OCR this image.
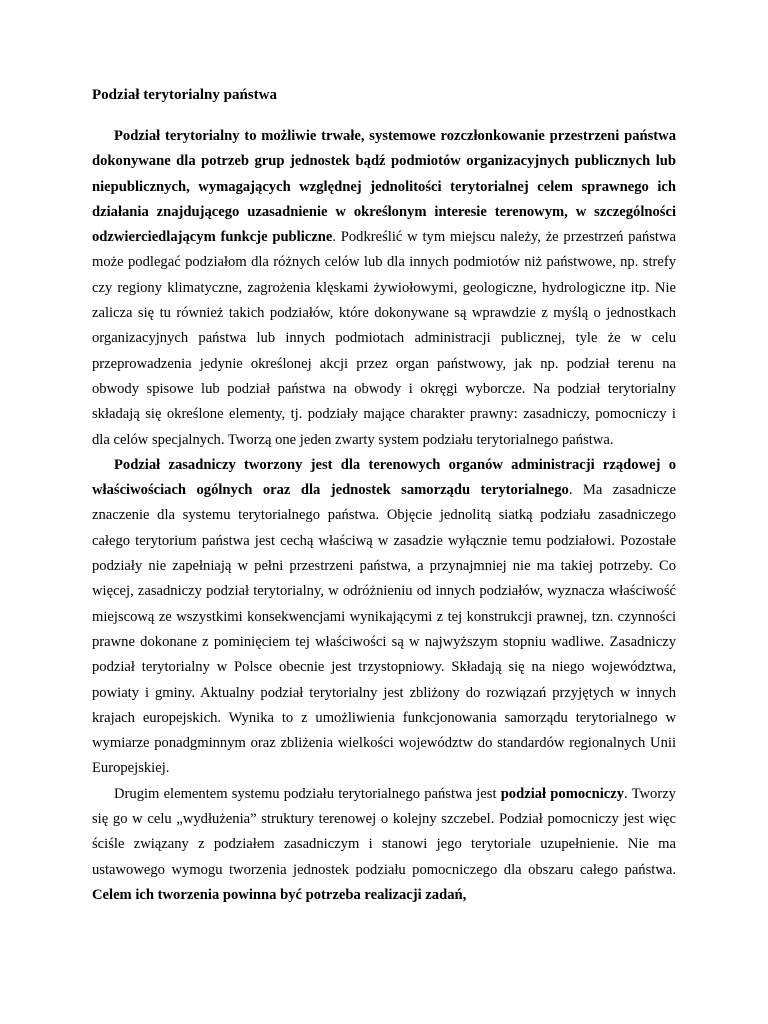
Podział terytorialny państwa

Podział terytorialny to możliwie trwałe, systemowe rozczłonkowanie przestrzeni państwa dokonywane dla potrzeb grup jednostek bądź podmiotów organizacyjnych publicznych lub niepublicznych, wymagających względnej jednolitości terytorialnej celem sprawnego ich działania znajdującego uzasadnienie w określonym interesie terenowym, w szczególności odzwierciedlającym funkcje publiczne. Podkreślić w tym miejscu należy, że przestrzeń państwa może podlegać podziałom dla różnych celów lub dla innych podmiotów niż państwowe, np. strefy czy regiony klimatyczne, zagrożenia klęskami żywiołowymi, geologiczne, hydrologiczne itp. Nie zalicza się tu również takich podziałów, które dokonywane są wprawdzie z myślą o jednostkach organizacyjnych państwa lub innych podmiotach administracji publicznej, tyle że w celu przeprowadzenia jedynie określonej akcji przez organ państwowy, jak np. podział terenu na obwody spisowe lub podział państwa na obwody i okręgi wyborcze. Na podział terytorialny składają się określone elementy, tj. podziały mające charakter prawny: zasadniczy, pomocniczy i dla celów specjalnych. Tworzą one jeden zwarty system podziału terytorialnego państwa.

Podział zasadniczy tworzony jest dla terenowych organów administracji rządowej o właściwościach ogólnych oraz dla jednostek samorządu terytorialnego. Ma zasadnicze znaczenie dla systemu terytorialnego państwa. Objęcie jednolitą siatką podziału zasadniczego całego terytorium państwa jest cechą właściwą w zasadzie wyłącznie temu podziałowi. Pozostałe podziały nie zapełniają w pełni przestrzeni państwa, a przynajmniej nie ma takiej potrzeby. Co więcej, zasadniczy podział terytorialny, w odróżnieniu od innych podziałów, wyznacza właściwość miejscową ze wszystkimi konsekwencjami wynikającymi z tej konstrukcji prawnej, tzn. czynności prawne dokonane z pominięciem tej właściwości są w najwyższym stopniu wadliwe. Zasadniczy podział terytorialny w Polsce obecnie jest trzystopniowy. Składają się na niego województwa, powiaty i gminy. Aktualny podział terytorialny jest zbliżony do rozwiązań przyjętych w innych krajach europejskich. Wynika to z umożliwienia funkcjonowania samorządu terytorialnego w wymiarze ponadgminnym oraz zbliżenia wielkości województw do standardów regionalnych Unii Europejskiej.

Drugim elementem systemu podziału terytorialnego państwa jest podział pomocniczy. Tworzy się go w celu „wydłużenia” struktury terenowej o kolejny szczebel. Podział pomocniczy jest więc ściśle związany z podziałem zasadniczym i stanowi jego terytoriale uzupełnienie. Nie ma ustawowego wymogu tworzenia jednostek podziału pomocniczego dla obszaru całego państwa. Celem ich tworzenia powinna być potrzeba realizacji zadań,
